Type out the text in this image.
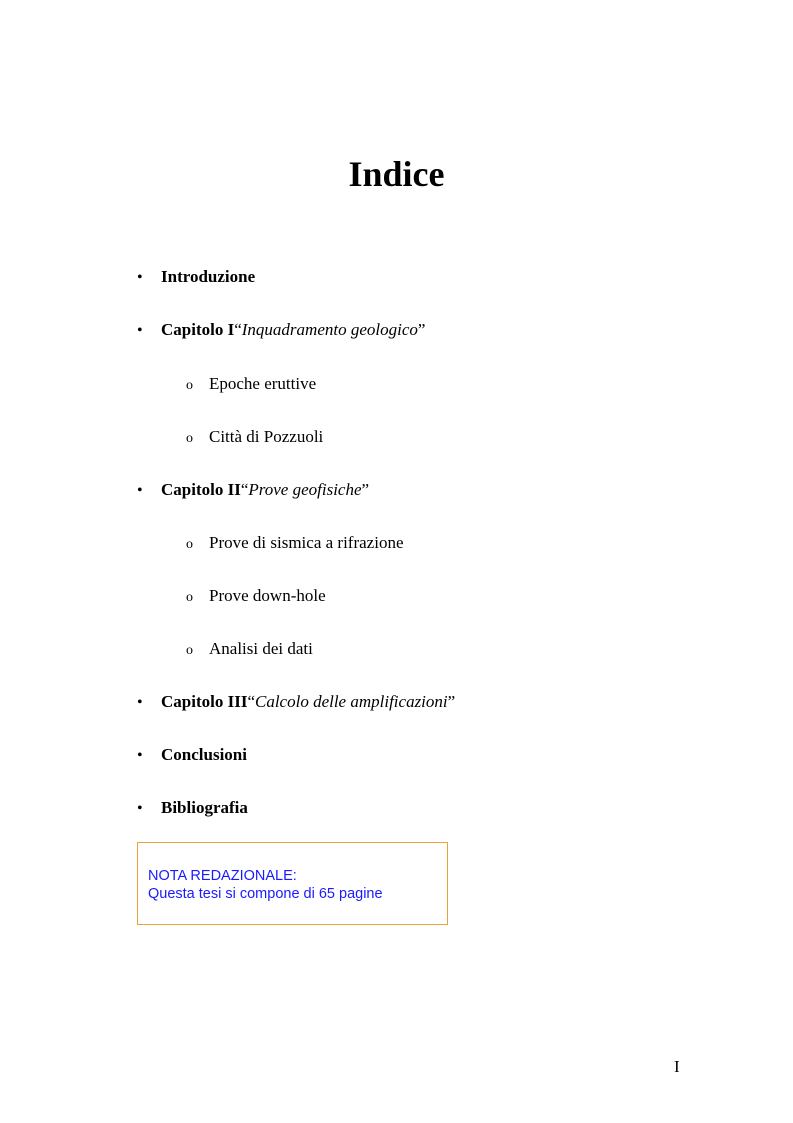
Indice
• Introduzione
• Capitolo I“Inquadramento geologico”
o Epoche eruttive
o Città di Pozzuoli
• Capitolo II“Prove geofisiche”
o Prove di sismica a rifrazione
o Prove down-hole
o Analisi dei dati
• Capitolo III“Calcolo delle amplificazioni”
• Conclusioni
• Bibliografia
NOTA REDAZIONALE:
Questa tesi si compone di 65 pagine
I
